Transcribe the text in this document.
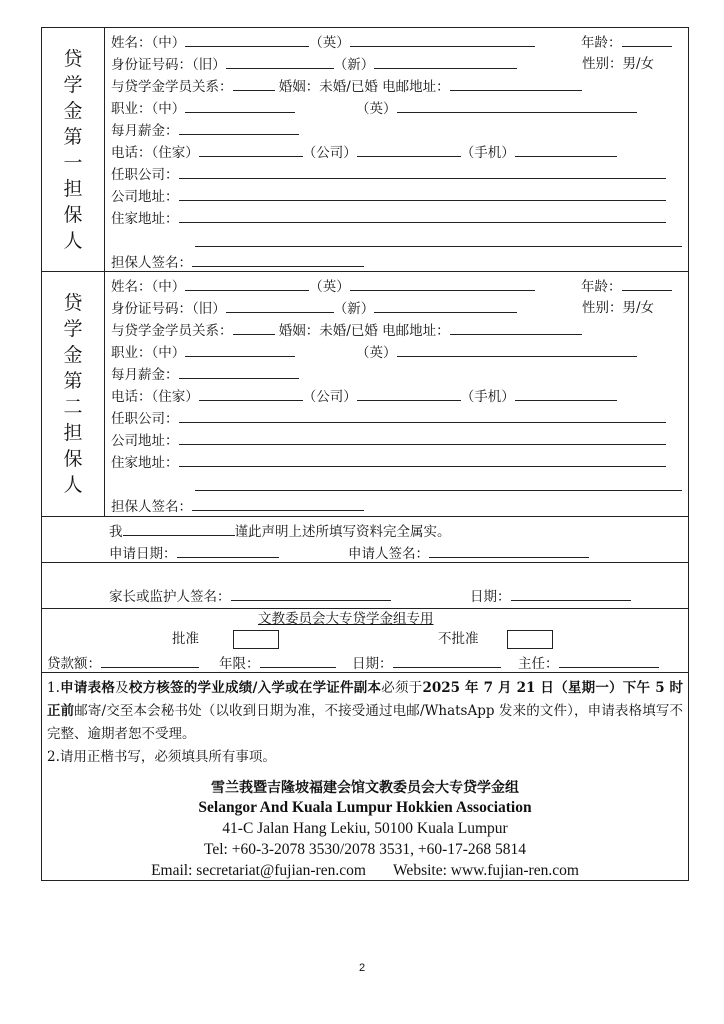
贷
学
金
第
一
担
保
人
姓名：（中）	（英）	年龄：
身份证号码：（旧）	（新）	性别：男/女
与贷学金学员关系：	婚姻：未婚/已婚 电邮地址：
职业：（中）	（英）
每月薪金：
电话：（住家）	（公司）	（手机）
任职公司：
公司地址：
住家地址：
担保人签名：
贷
学
金
第
二
担
保
人
姓名：（中）	（英）	年龄：
身份证号码：（旧）	（新）	性别：男/女
与贷学金学员关系：	婚姻：未婚/已婚 电邮地址：
职业：（中）	（英）
每月薪金：
电话：（住家）	（公司）	（手机）
任职公司：
公司地址：
住家地址：
担保人签名：
我	谨此声明上述所填写资料完全属实。
申请日期：	申请人签名：
家长或监护人签名：	日期：
文教委员会大专贷学金组专用
批准	不批准
贷款额：	年限：	日期：	主任：

1.申请表格及校方核签的学业成绩/入学或在学证件副本必须于2025 年 7 月 21 日（星期一）下午 5 时正前邮寄/交至本会秘书处（以收到日期为准，不接受通过电邮/WhatsApp 发来的文件），申请表格填写不完整、逾期者恕不受理。

2.请用正楷书写，必须填具所有事项。

雪兰莪暨吉隆坡福建会馆文教委员会大专贷学金组
Selangor And Kuala Lumpur Hokkien Association
41-C Jalan Hang Lekiu, 50100 Kuala Lumpur
Tel: +60-3-2078 3530/2078 3531, +60-17-268 5814
Email: secretariat@fujian-ren.com Website: www.fujian-ren.com
2
